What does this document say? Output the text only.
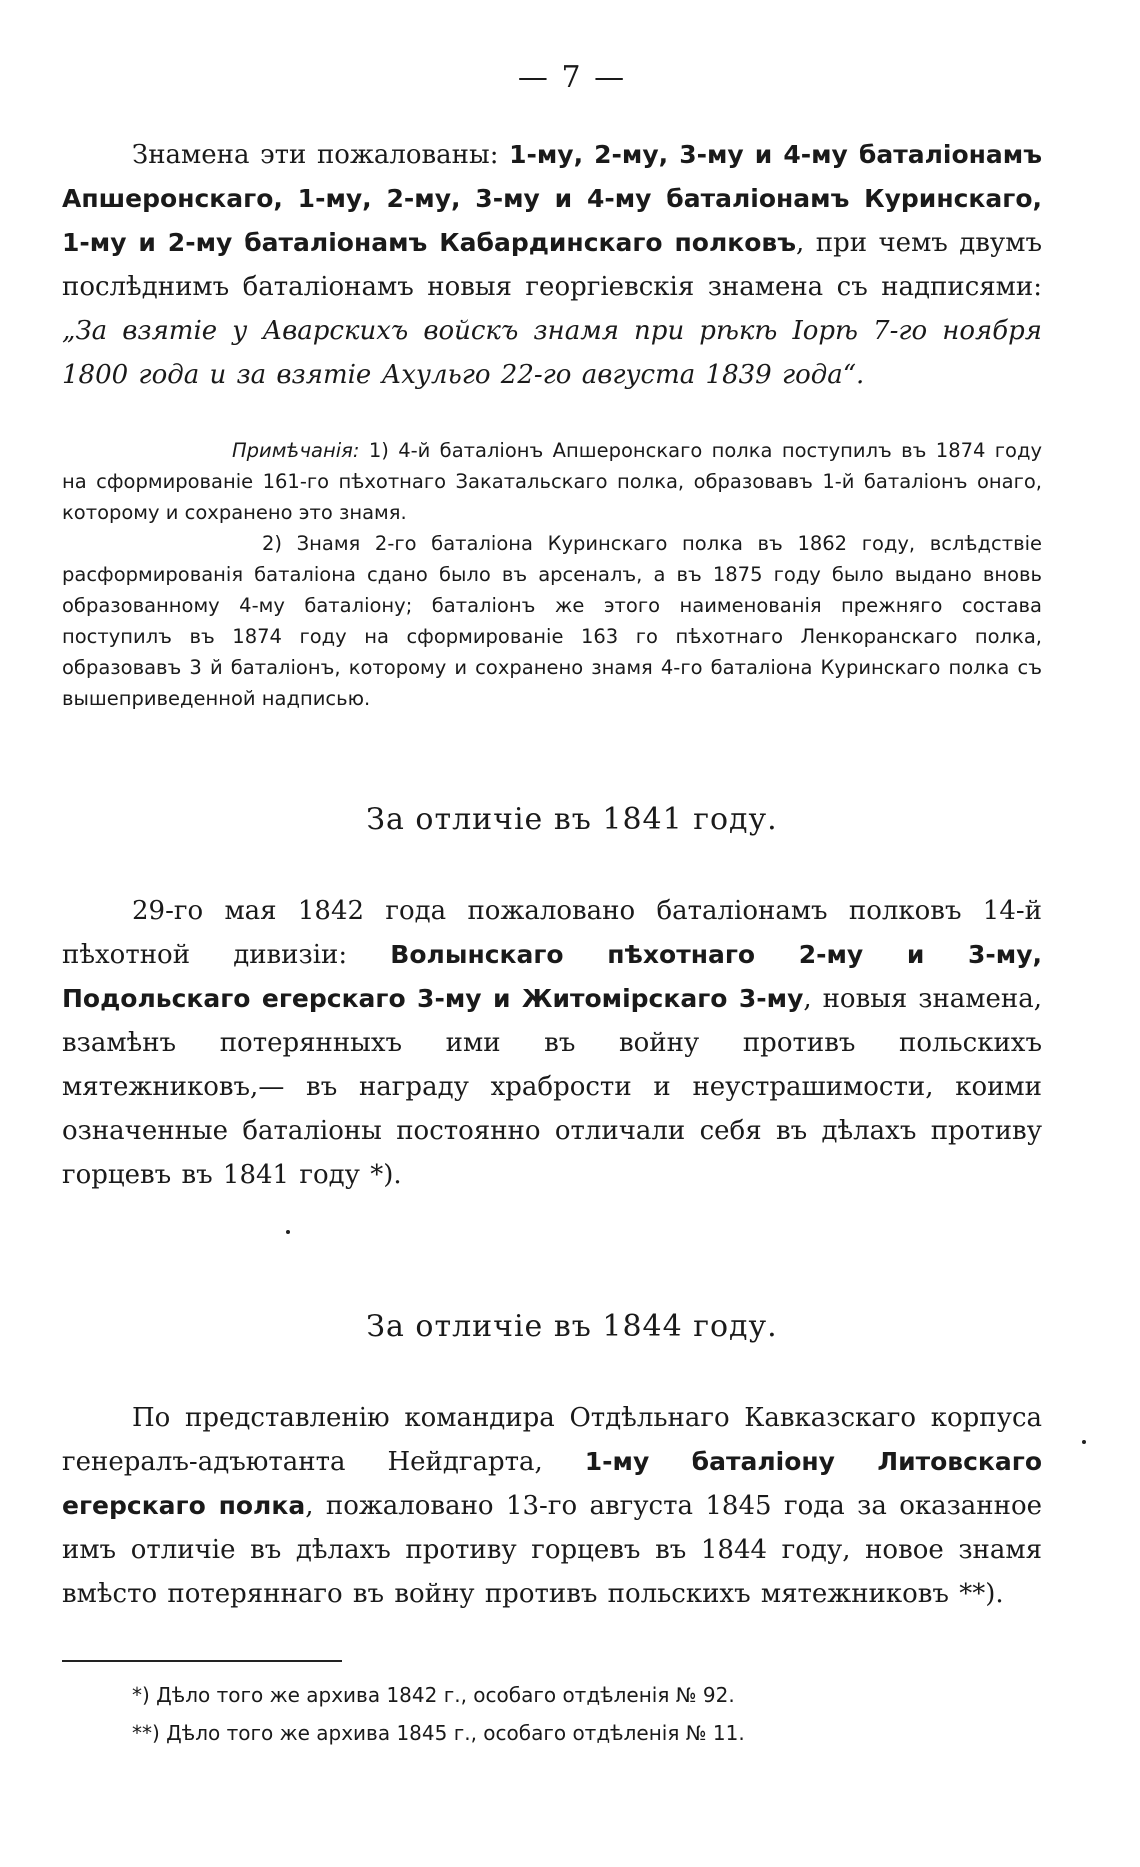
— 7 —

Знамена эти пожалованы: 1-му, 2-му, 3-му и 4-му баталіонамъ Апшеронскаго, 1-му, 2-му, 3-му и 4-му баталіонамъ Куринскаго, 1-му и 2-му баталіонамъ Кабардинскаго полковъ, при чемъ двумъ послѣднимъ баталіонамъ новыя георгіевскія знамена съ надписями: „За взятіе у Аварскихъ войскъ знамя при рѣкѣ Іорѣ 7-го ноября 1800 года и за взятіе Ахульго 22-го августа 1839 года“.

Примѣчанія: 1) 4-й баталіонъ Апшеронскаго полка поступилъ въ 1874 году на сформированіе 161-го пѣхотнаго Закатальскаго полка, образовавъ 1-й баталіонъ онаго, которому и сохранено это знамя.

2) Знамя 2-го баталіона Куринскаго полка въ 1862 году, вслѣдствіе расформированія баталіона сдано было въ арсеналъ, а въ 1875 году было выдано вновь образованному 4-му баталіону; баталіонъ же этого наименованія прежняго состава поступилъ въ 1874 году на сформированіе 163 го пѣхотнаго Ленкоранскаго полка, образовавъ 3 й баталіонъ, которому и сохранено знамя 4-го баталіона Куринскаго полка съ вышеприведенной надписью.

За отличіе въ 1841 году.

29-го мая 1842 года пожаловано баталіонамъ полковъ 14-й пѣхотной дивизіи: Волынскаго пѣхотнаго 2-му и 3-му, Подольскаго егерскаго 3-му и Житомірскаго 3-му, новыя знамена, взамѣнъ потерянныхъ ими въ войну противъ польскихъ мятежниковъ,— въ награду храбрости и неустрашимости, коими означенные баталіоны постоянно отличали себя въ дѣлахъ противу горцевъ въ 1841 году *).

За отличіе въ 1844 году.

По представленію командира Отдѣльнаго Кавказскаго корпуса генералъ-адъютанта Нейдгарта, 1-му баталіону Литовскаго егерскаго полка, пожаловано 13-го августа 1845 года за оказанное имъ отличіе въ дѣлахъ противу горцевъ въ 1844 году, новое знамя вмѣсто потеряннаго въ войну противъ польскихъ мятежниковъ **).

*) Дѣло того же архива 1842 г., особаго отдѣленія № 92.

**) Дѣло того же архива 1845 г., особаго отдѣленія № 11.
